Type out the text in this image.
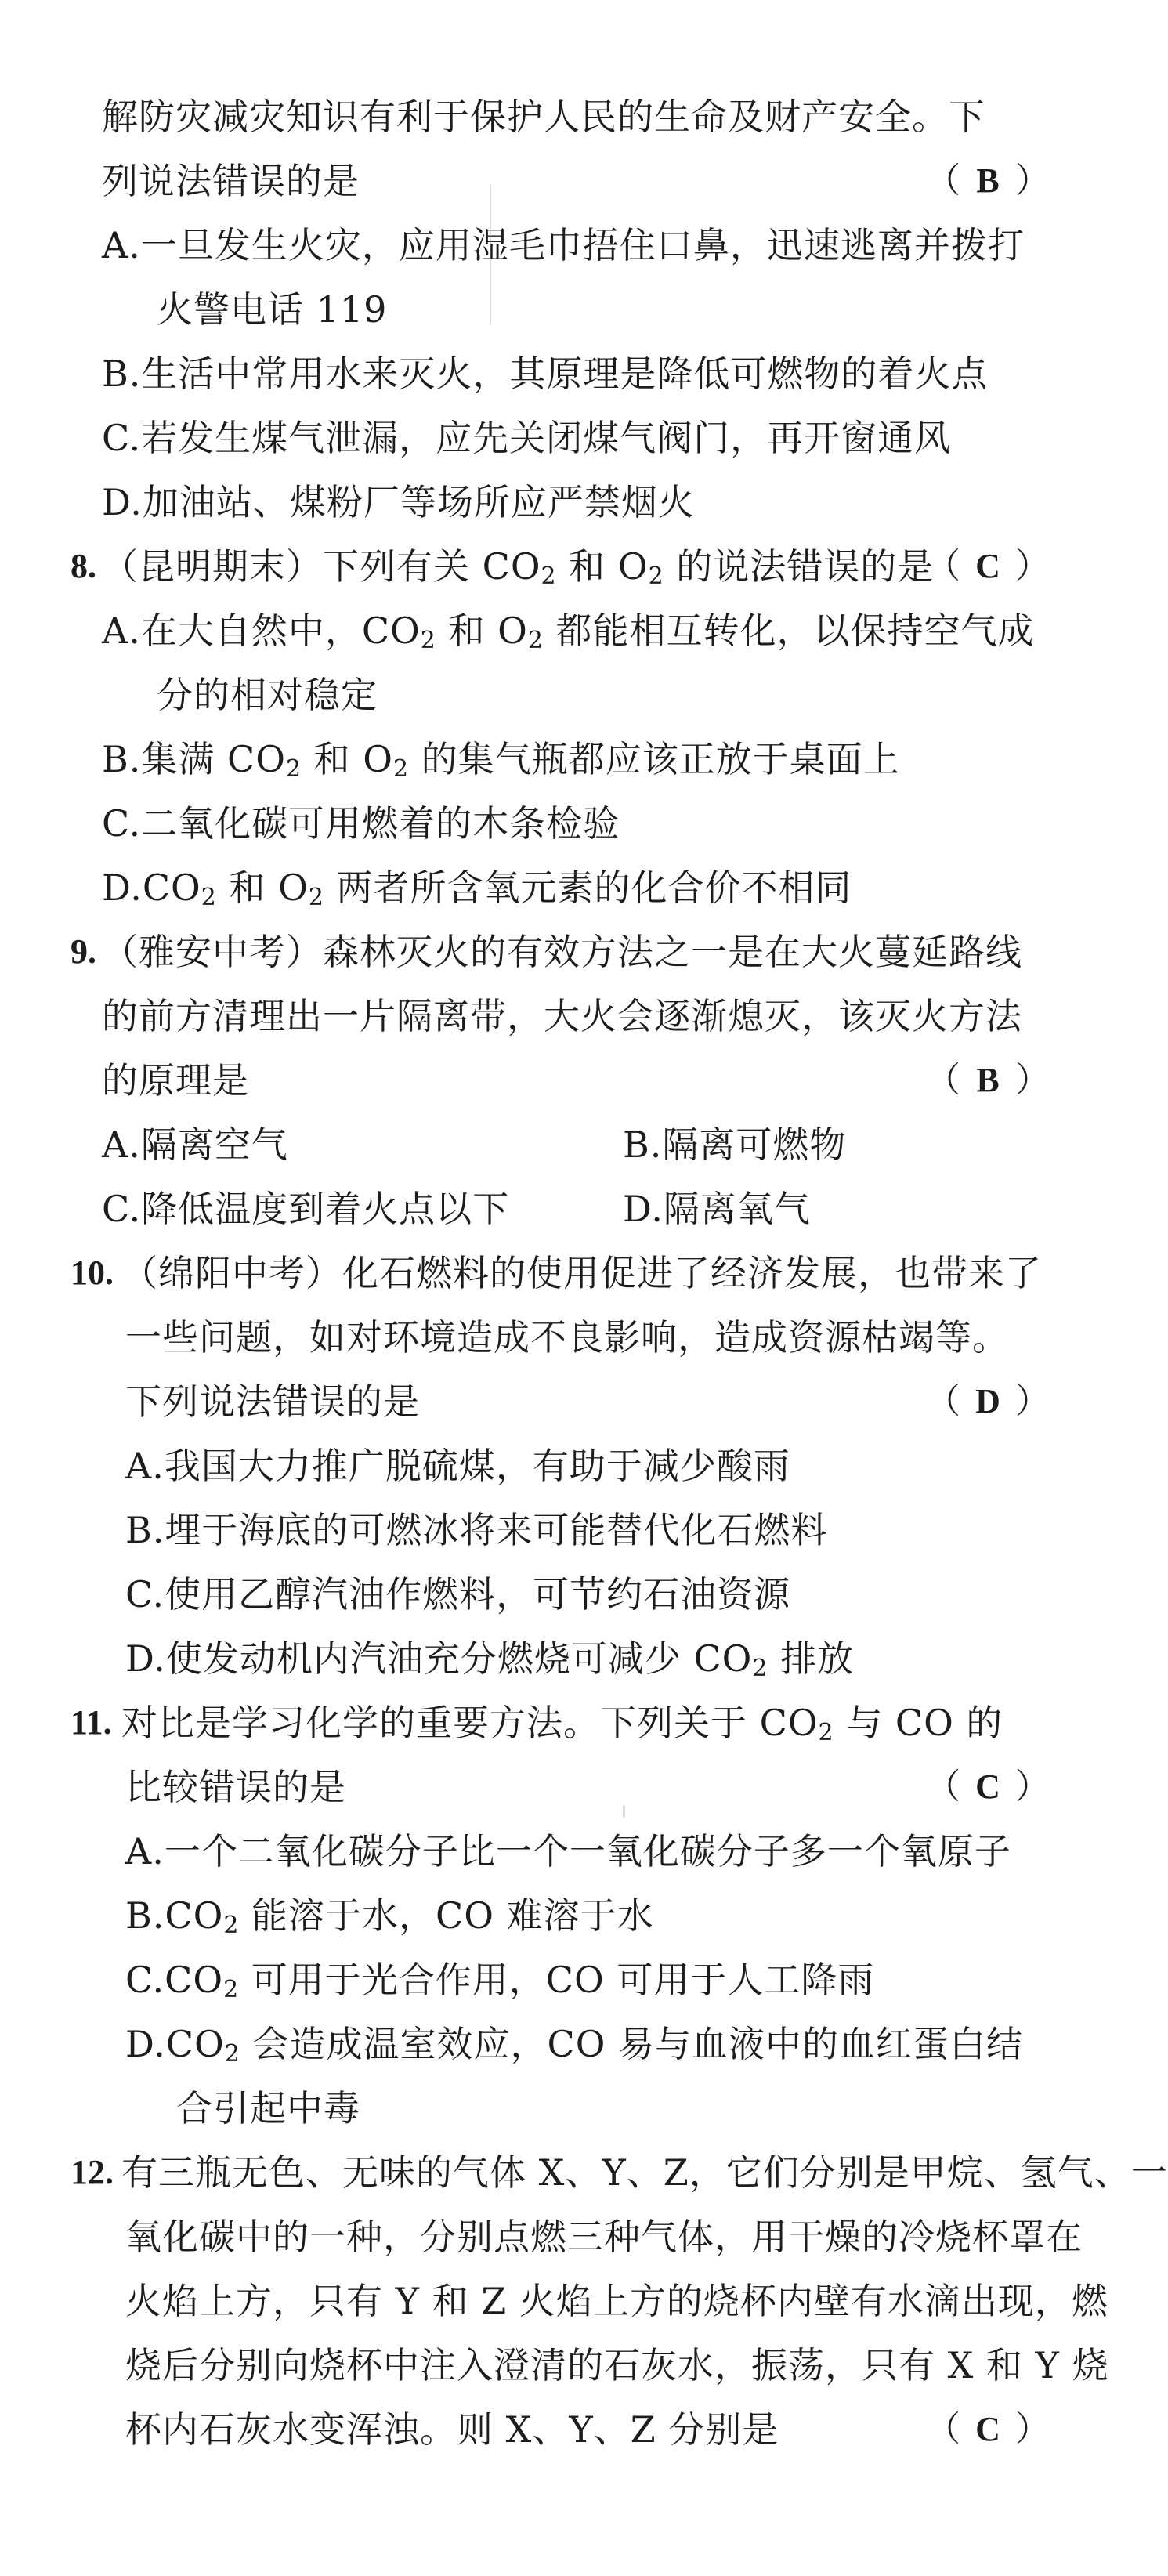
解防灾减灾知识有利于保护人民的生命及财产安全。下
列说法错误的是	（ B ）
A.一旦发生火灾，应用湿毛巾捂住口鼻，迅速逃离并拨打
火警电话 119
B.生活中常用水来灭火，其原理是降低可燃物的着火点
C.若发生煤气泄漏，应先关闭煤气阀门，再开窗通风
D.加油站、煤粉厂等场所应严禁烟火
8. （昆明期末）下列有关 $CO_2$ 和 $O_2$ 的说法错误的是
（ C ）
A.在大自然中，$CO_2$ 和 $O_2$ 都能相互转化，以保持空气成
分的相对稳定
B.集满 $CO_2$ 和 $O_2$ 的集气瓶都应该正放于桌面上
C.二氧化碳可用燃着的木条检验
$D.CO_2$ 和 $O_2$ 两者所含氧元素的化合价不相同
9. （雅安中考）森林灭火的有效方法之一是在大火蔓延路线
的前方清理出一片隔离带，大火会逐渐熄灭，该灭火方法
的原理是	（ B ）
A.隔离空气	B.隔离可燃物
C.降低温度到着火点以下	D.隔离氧气
10. （绵阳中考）化石燃料的使用促进了经济发展，也带来了
一些问题，如对环境造成不良影响，造成资源枯竭等。
下列说法错误的是	（ D ）
A.我国大力推广脱硫煤，有助于减少酸雨
B.埋于海底的可燃冰将来可能替代化石燃料
C.使用乙醇汽油作燃料，可节约石油资源
D.使发动机内汽油充分燃烧可减少 $CO_2$ 排放
11. 对比是学习化学的重要方法。下列关于 $CO_2$ 与 CO 的
比较错误的是	（ C ）
A.一个二氧化碳分子比一个一氧化碳分子多一个氧原子
$B.CO_2$ 能溶于水，CO 难溶于水
$C.CO_2$ 可用于光合作用，CO 可用于人工降雨
$D.CO_2$ 会造成温室效应，CO 易与血液中的血红蛋白结
合引起中毒
12. 有三瓶无色、无味的气体 X、Y、Z，它们分别是甲烷、氢气、一
氧化碳中的一种，分别点燃三种气体，用干燥的冷烧杯罩在
火焰上方，只有 Y 和 Z 火焰上方的烧杯内壁有水滴出现，燃
烧后分别向烧杯中注入澄清的石灰水，振荡，只有 X 和 Y 烧
杯内石灰水变浑浊。则 X、Y、Z 分别是	（ C ）
